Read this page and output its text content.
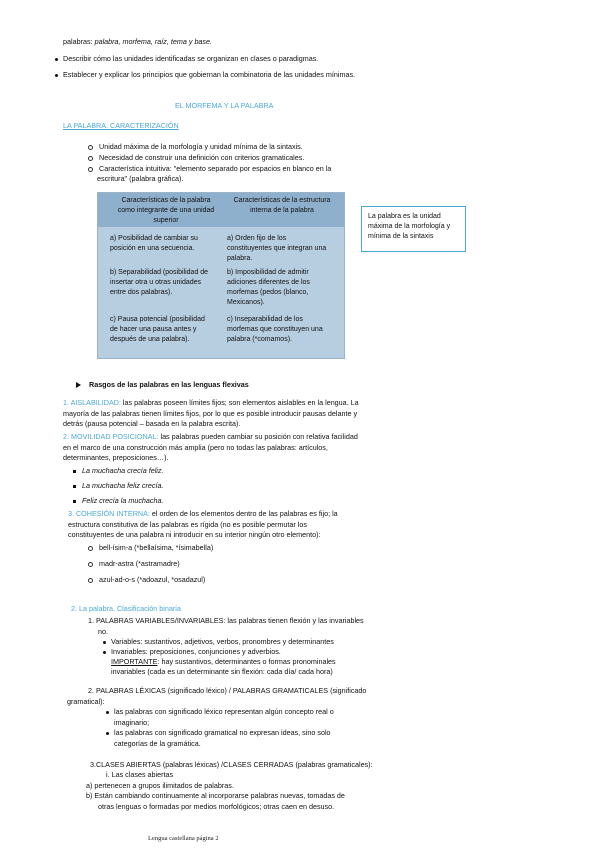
palabras: palabra, morfema, raíz, tema y base.
Describir cómo las unidades identificadas se organizan en clases o paradigmas.
Establecer y explicar los principios que gobiernan la combinatoria de las unidades mínimas.
EL MORFEMA Y LA PALABRA
LA PALABRA. CARACTERIZACIÓN
Unidad máxima de la morfología y unidad mínima de la sintaxis.
Necesidad de construir una definición con criterios gramaticales.
Característica intuitiva: "elemento separado por espacios en blanco en la
escritura" (palabra gráfica).
Características de la palabra
como integrante de una unidad
superior
Características de la estructura
interna de la palabra
a) Posibilidad de cambiar su
posición en una secuencia.
a) Orden fijo de los
constituyentes que integran una
palabra.
b) Separabilidad (posibilidad de
insertar otra u otras unidades
entre dos palabras).
b) Imposibilidad de admitir
adiciones diferentes de los
morfemas (pedos (blanco,
Mexicanos).
c) Pausa potencial (posibilidad
de hacer una pausa antes y
después de una palabra).
c) Inseparabilidad de los
morfemas que constituyen una
palabra (*comamos).
La palabra es la unidad máxima de la morfología y mínima de la sintaxis
Rasgos de las palabras en las lenguas flexivas
1. AISLABILIDAD: las palabras poseen límites fijos; son elementos aislables en la lengua. La
mayoría de las palabras tienen límites fijos, por lo que es posible introducir pausas delante y
detrás (pausa potencial – basada en la palabra escrita).
2. MOVILIDAD POSICIONAL: las palabras pueden cambiar su posición con relativa facilidad
en el marco de una construcción más amplia (pero no todas las palabras: artículos,
determinantes, preposiciones…).
La muchacha crecía feliz.
La muchacha feliz crecía.
Feliz crecía la muchacha.
3. COHESIÓN INTERNA: el orden de los elementos dentro de las palabras es fijo; la
estructura constitutiva de las palabras es rígida (no es posible permutar los
constituyentes de una palabra ni introducir en su interior ningún otro elemento):
bell-ísim-a (*bellaísima, *ísimabella)
madr-astra (*astramadre)
azul-ad-o-s (*adoazul, *osadazul)
2. La palabra. Clasificación binaria
1. PALABRAS VARIABLES/INVARIABLES: las palabras tienen flexión y las invariables
no.
Variables: sustantivos, adjetivos, verbos, pronombres y determinantes
Invariables: preposiciones, conjunciones y adverbios.
IMPORTANTE: hay sustantivos, determinantes o formas pronominales
invariables (cada es un determinante sin flexión: cada día/ cada hora)
2. PALABRAS LÉXICAS (significado léxico) / PALABRAS GRAMATICALES (significado
gramatical):
las palabras con significado léxico representan algún concepto real o
imaginario;
las palabras con significado gramatical no expresan ideas, sino solo
categorías de la gramática.
3.CLASES ABIERTAS (palabras léxicas) /CLASES CERRADAS (palabras gramaticales):
i. Las clases abiertas
a) pertenecen a grupos ilimitados de palabras.
b) Están cambiando continuamente al incorporarse palabras nuevas, tomadas de
otras lenguas o formadas por medios morfológicos; otras caen en desuso.
Lengua castellana página 2
